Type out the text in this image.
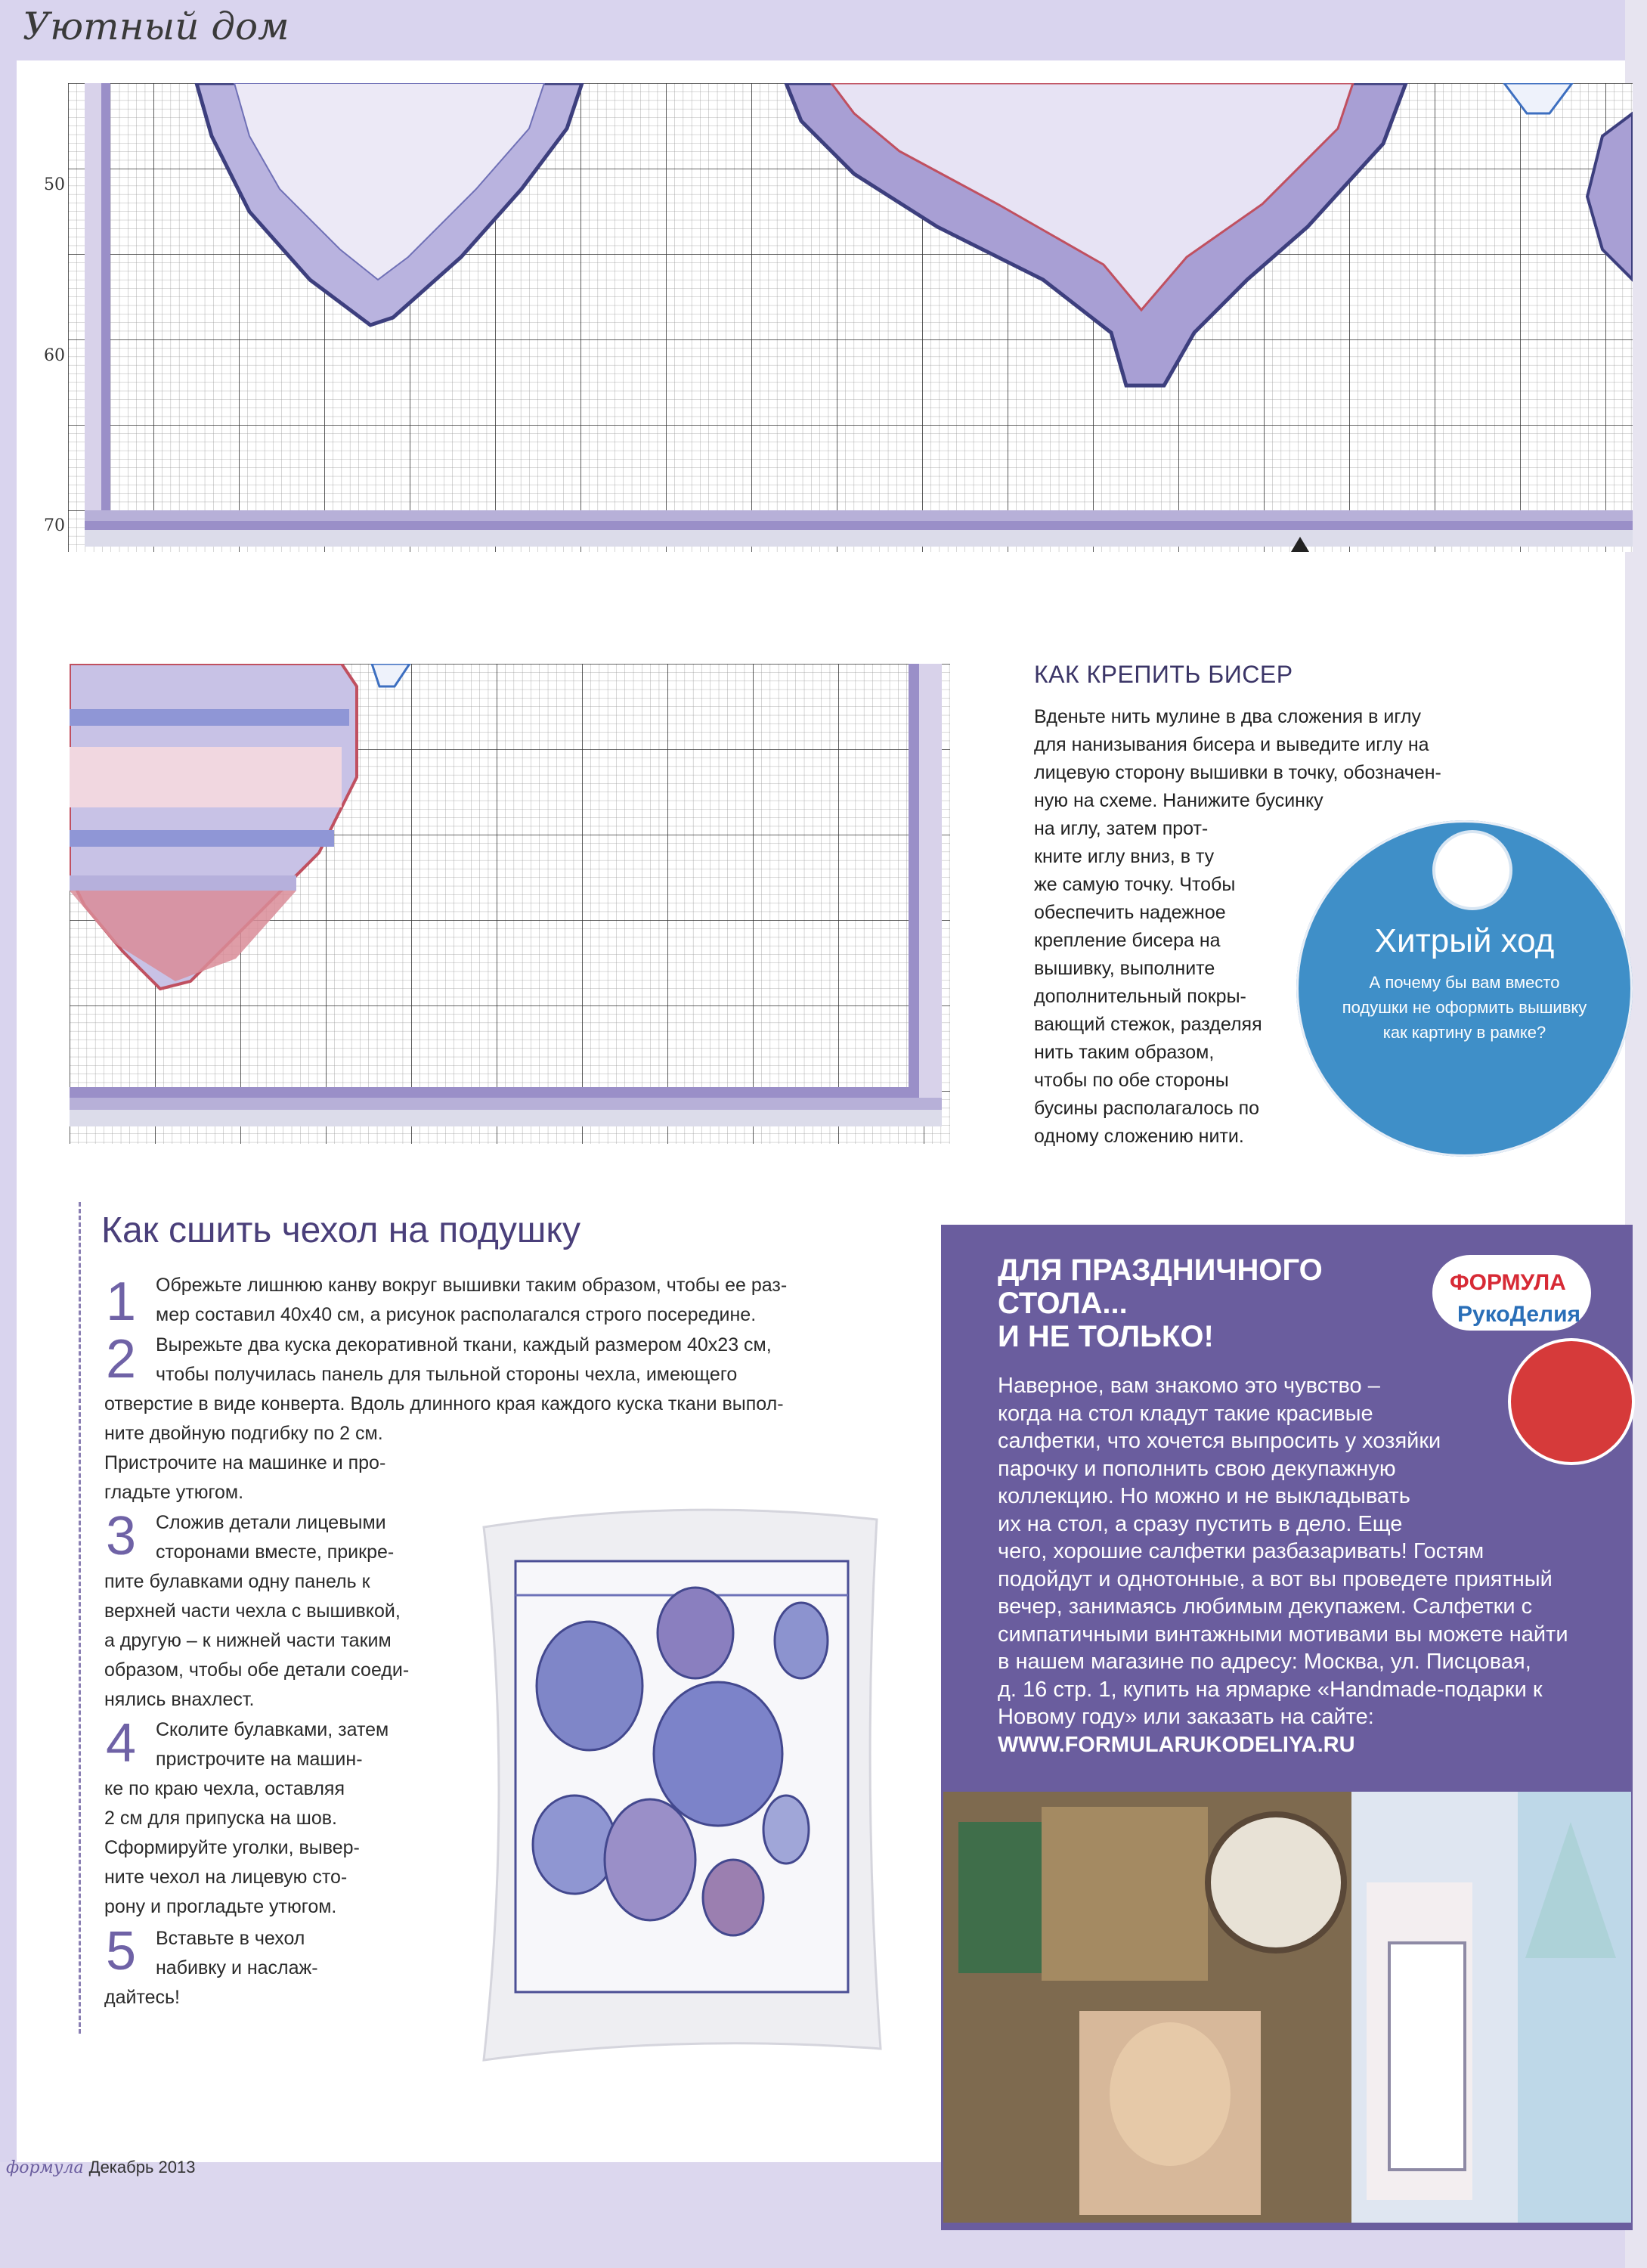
Уютный дом
50
60
70
КАК КРЕПИТЬ БИСЕР
Вденьте нить мулине в два сложения в иглу
для нанизывания бисера и выведите иглу на
лицевую сторону вышивки в точку, обозначен-
ную на схеме. Нанижите бусинку
на иглу, затем прот-
кните иглу вниз, в ту
же самую точку. Чтобы
обеспечить надежное
крепление бисера на
вышивку, выполните
дополнительный покры-
вающий стежок, разделяя
нить таким образом,
чтобы по обе стороны
бусины располагалось по
одному сложению нити.
Хитрый ход
А почему бы вам вместо
подушки не оформить вышивку
как картину в рамке?
Как сшить чехол на подушку
1 Обрежьте лишнюю канву вокруг вышивки таким образом, чтобы ее раз-
мер составил 40x40 см, а рисунок располагался строго посередине.
2 Вырежьте два куска декоративной ткани, каждый размером 40x23 см,
чтобы получилась панель для тыльной стороны чехла, имеющего
отверстие в виде конверта. Вдоль длинного края каждого куска ткани выпол-
ните двойную подгибку по 2 см.
Пристрочите на машинке и про-
гладьте утюгом.
3 Сложив детали лицевыми
сторонами вместе, прикре-
пите булавками одну панель к
верхней части чехла с вышивкой,
а другую – к нижней части таким
образом, чтобы обе детали соеди-
нялись внахлест.
4 Сколите булавками, затем
пристрочите на машин-
ке по краю чехла, оставляя
2 см для припуска на шов.
Сформируйте уголки, вывер-
ните чехол на лицевую сто-
рону и прогладьте утюгом.
5 Вставьте в чехол
набивку и наслаж-
дайтесь!
ДЛЯ ПРАЗДНИЧНОГО
СТОЛА...
И НЕ ТОЛЬКО!
ФОРМУЛА
РукоДелия
Наверное, вам знакомо это чувство –
когда на стол кладут такие красивые
салфетки, что хочется выпросить у хозяйки
парочку и пополнить свою декупажную
коллекцию. Но можно и не выкладывать
их на стол, а сразу пустить в дело. Еще
чего, хорошие салфетки разбазаривать! Гостям
подойдут и однотонные, а вот вы проведете приятный
вечер, занимаясь любимым декупажем. Салфетки с
симпатичными винтажными мотивами вы можете найти
в нашем магазине по адресу: Москва, ул. Писцовая,
д. 16 стр. 1, купить на ярмарке «Handmade-подарки к
Новому году» или заказать на сайте:
WWW.FORMULARUKODELIYA.RU
формула Декабрь 2013
